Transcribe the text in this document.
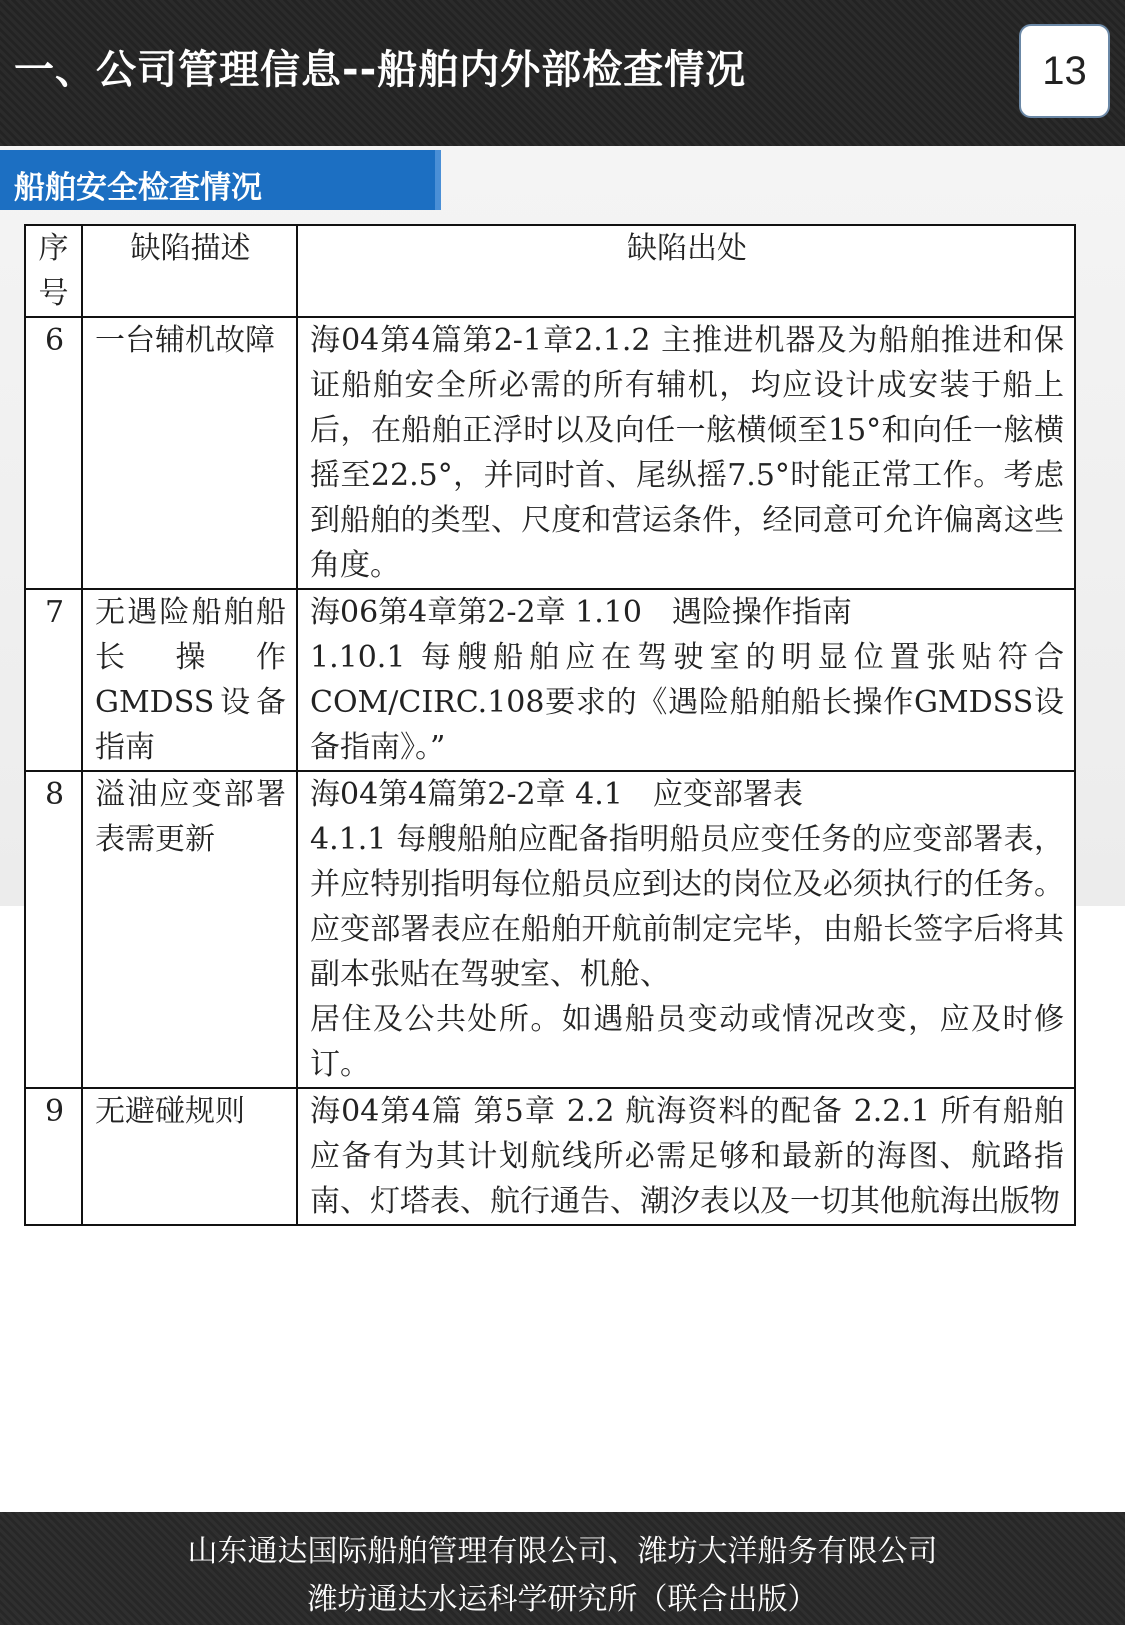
一、公司管理信息--船舶内外部检查情况	13
船舶安全检查情况
序号	缺陷描述	缺陷出处
6	一台辅机故障	海04第4篇第2-1章2.1.2 主推进机器及为船舶推进和保证船舶安全所必需的所有辅机，均应设计成安装于船上后，在船舶正浮时以及向任一舷横倾至15°和向任一舷横摇至22.5°，并同时首、尾纵摇7.5°时能正常工作。考虑到船舶的类型、尺度和营运条件，经同意可允许偏离这些角度。

7	无遇险船舶船长操作GMDSS设备指南	海06第4章第2-2章 1.10　遇险操作指南
1.10.1 每艘船舶应在驾驶室的明显位置张贴符合COM/CIRC.108要求的《遇险船舶船长操作GMDSS设备指南》。”

8	溢油应变部署表需更新	海04第4篇第2-2章 4.1　应变部署表
4.1.1 每艘船舶应配备指明船员应变任务的应变部署表，并应特别指明每位船员应到达的岗位及必须执行的任务。 应变部署表应在船舶开航前制定完毕，由船长签字后将其副本张贴在驾驶室、机舱、
居住及公共处所。如遇船员变动或情况改变，应及时修订。

9	无避碰规则	海04第4篇 第5章 2.2 航海资料的配备 2.2.1 所有船舶应备有为其计划航线所必需足够和最新的海图、航路指南、灯塔表、航行通告、潮汐表以及一切其他航海出版物
山东通达国际船舶管理有限公司、潍坊大洋船务有限公司
潍坊通达水运科学研究所（联合出版）
